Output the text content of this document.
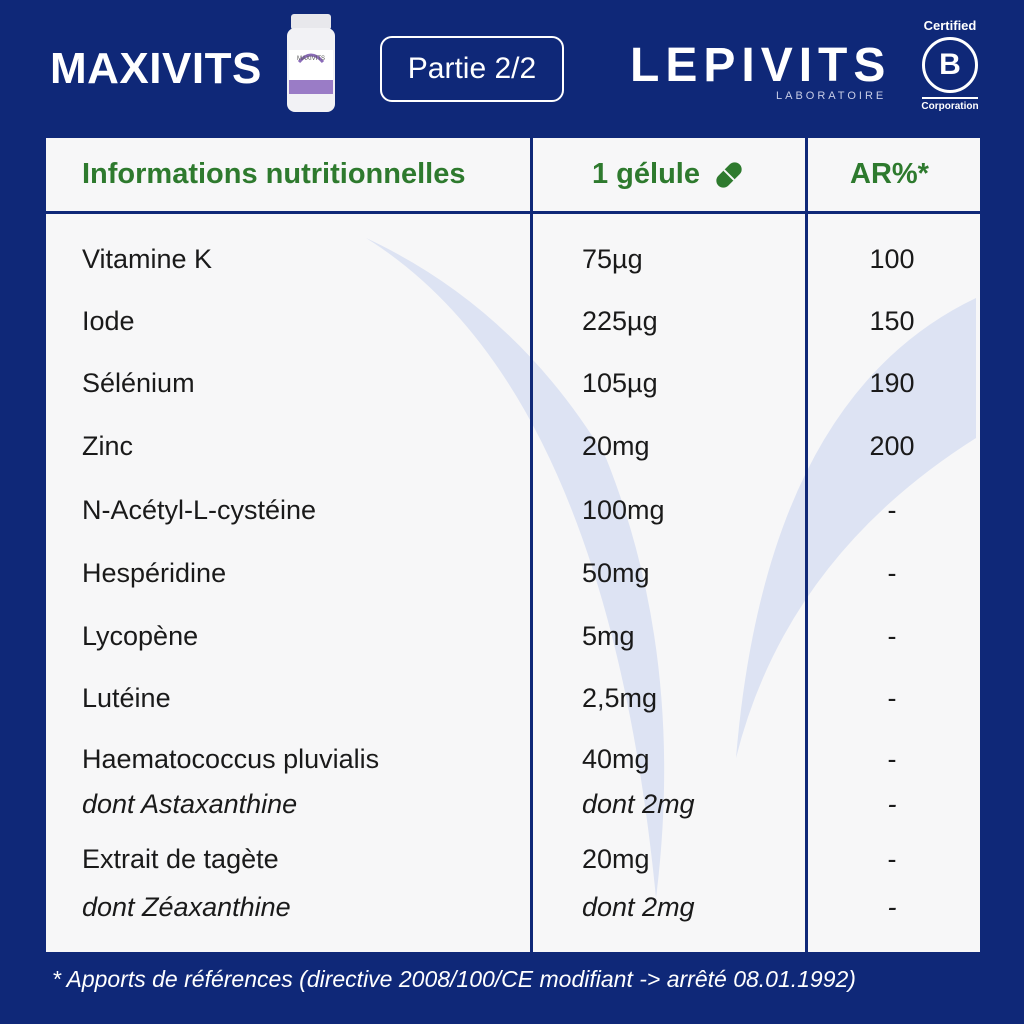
MAXIVITS	MAXIVITS	Partie 2/2	LEPIVITS
LABORATOIRE
Certified
B
Corporation
Informations nutritionnelles	1 gélule	AR%*
Vitamine K	75µg	100
Iode	225µg	150
Sélénium	105µg	190
Zinc	20mg	200
N-Acétyl-L-cystéine	100mg	-
Hespéridine	50mg	-
Lycopène	5mg	-
Lutéine	2,5mg	-
Haematococcus pluvialis	40mg	-
dont Astaxanthine	dont 2mg	-
Extrait de tagète	20mg	-
dont Zéaxanthine	dont 2mg	-
* Apports de références (directive 2008/100/CE modifiant -> arrêté 08.01.1992)
